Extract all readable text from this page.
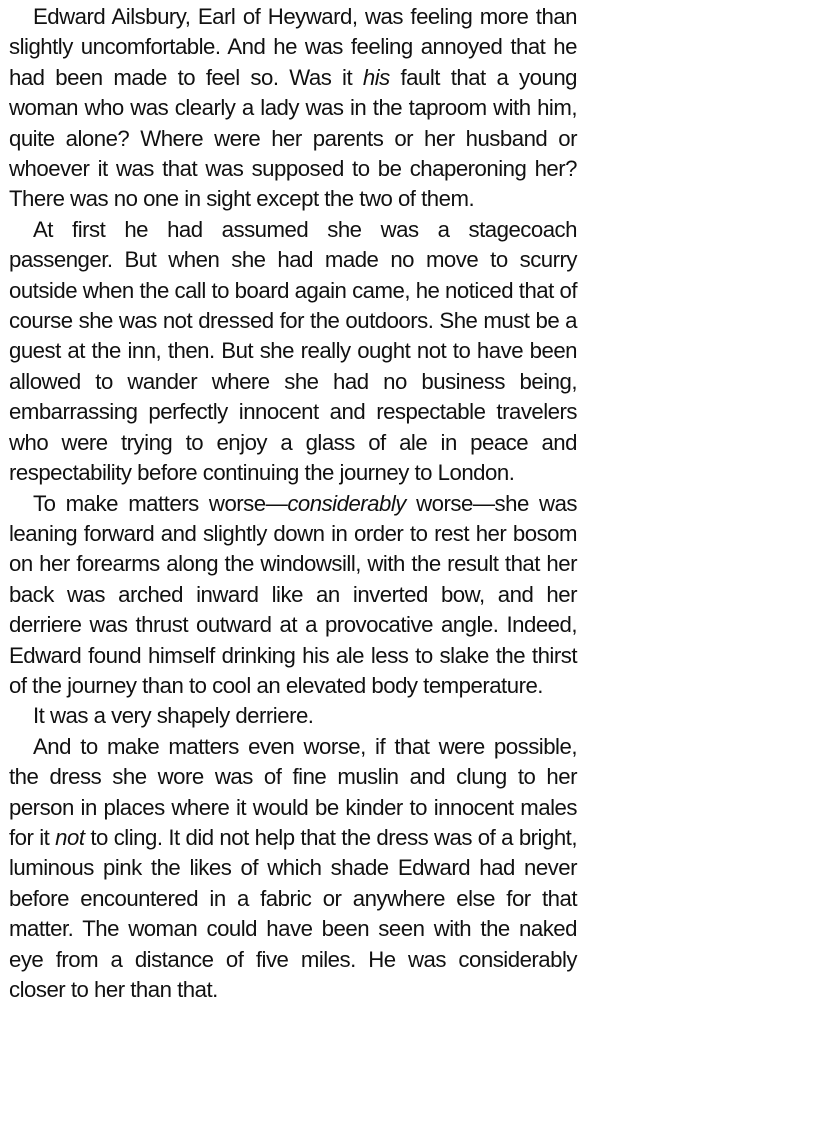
Edward Ailsbury, Earl of Heyward, was feeling more than slightly uncomfortable. And he was feeling annoyed that he had been made to feel so. Was it his fault that a young woman who was clearly a lady was in the taproom with him, quite alone? Where were her parents or her husband or whoever it was that was supposed to be chaperoning her? There was no one in sight except the two of them.

At first he had assumed she was a stagecoach passenger. But when she had made no move to scurry outside when the call to board again came, he noticed that of course she was not dressed for the outdoors. She must be a guest at the inn, then. But she really ought not to have been allowed to wander where she had no business being, embarrassing perfectly innocent and respectable travelers who were trying to enjoy a glass of ale in peace and respectability before continuing the journey to London.

To make matters worse—considerably worse—she was leaning forward and slightly down in order to rest her bosom on her forearms along the windowsill, with the result that her back was arched inward like an inverted bow, and her derriere was thrust outward at a provocative angle. Indeed, Edward found himself drinking his ale less to slake the thirst of the journey than to cool an elevated body temperature.

It was a very shapely derriere.

And to make matters even worse, if that were possible, the dress she wore was of fine muslin and clung to her person in places where it would be kinder to innocent males for it not to cling. It did not help that the dress was of a bright, luminous pink the likes of which shade Edward had never before encountered in a fabric or anywhere else for that matter. The woman could have been seen with the naked eye from a distance of five miles. He was considerably closer to her than that.
